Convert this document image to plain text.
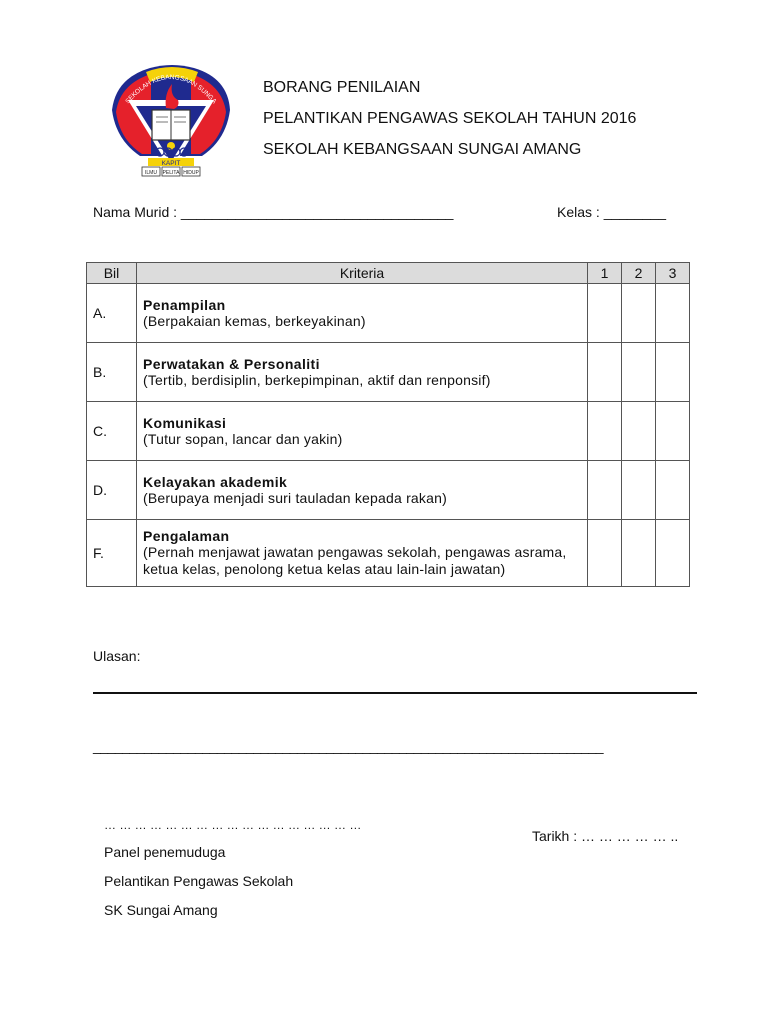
SEKOLAH KEBANGSAAN SUNGA
KAPIT
ILMU PELITA HIDUP
BORANG PENILAIAN
PELANTIKAN PENGAWAS SEKOLAH TAHUN 2016
SEKOLAH KEBANGSAAN SUNGAI AMANG
Nama Murid : ___________________________________	Kelas : ________
Bil	Kriteria	1	2	3
A.	Penampilan
(Berpakaian kemas, berkeyakinan)			

B.	Perwatakan & Personaliti
(Tertib, berdisiplin, berkepimpinan, aktif dan renponsif)			

C.	Komunikasi
(Tutur sopan, lancar dan yakin)			

D.	Kelayakan akademik
(Berupaya menjadi suri tauladan kepada rakan)			

F.	Pengalaman
(Pernah menjawat jawatan pengawas sekolah, pengawas asrama, ketua kelas, penolong ketua kelas atau lain-lain jawatan)			

Ulasan:
______________________________________________________________________
… … … … … … … … … … … … … … … … …
Panel penemuduga
Pelantikan Pengawas Sekolah
SK Sungai Amang
Tarikh : … … … … … ..
